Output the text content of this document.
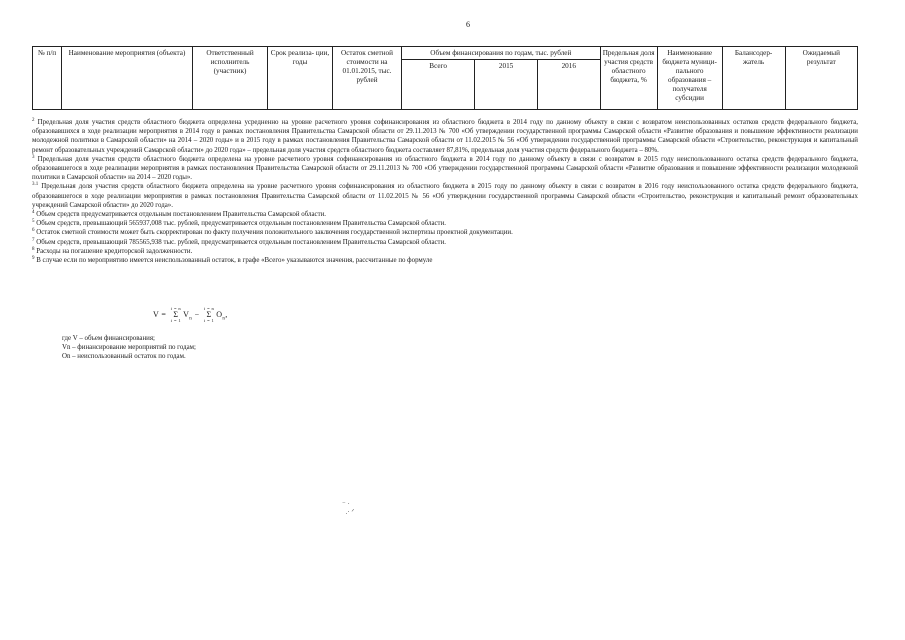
6
№ п/п	Наименование мероприятия (объекта)	Ответственный исполнитель (участник)	Срок реализа- ции, годы	Остаток сметной стоимости на 01.01.2015, тыс. рублей	Объем финансирования по годам, тыс. рублей			Предельная доля участия средств областного бюджета, %	Наименование бюджета муници- пального образования – получателя субсидии	Балансодер- жатель	Ожидаемый результат
					Всего	2015	2016				

$^2$ Предельная доля участия средств областного бюджета определена усредненно на уровне расчетного уровня софинансирования из областного бюджета в 2014 году по данному объекту в связи с возвратом неиспользованных остатков средств федерального бюджета, образовавшихся в ходе реализации мероприятия в 2014 году в рамках постановления Правительства Самарской области от 29.11.2013 № 700 «Об утверждении государственной программы Самарской области «Развитие образования и повышение эффективности реализации молодежной политики в Самарской области» на 2014 – 2020 годы» и в 2015 году в рамках постановления Правительства Самарской области от 11.02.2015 № 56 «Об утверждении государственной программы Самарской области «Строительство, реконструкция и капитальный ремонт образовательных учреждений Самарской области» до 2020 года» – предельная доля участия средств областного бюджета составляет 87,81%, предельная доля участия средств федерального бюджета – 80%.

$^3$ Предельная доля участия средств областного бюджета определена на уровне расчетного уровня софинансирования из областного бюджета в 2014 году по данному объекту в связи с возвратом в 2015 году неиспользованного остатка средств федерального бюджета, образовавшегося в ходе реализации мероприятия в рамках постановления Правительства Самарской области от 29.11.2013 № 700 «Об утверждении государственной программы Самарской области «Развитие образования и повышение эффективности реализации молодежной политики в Самарской области» на 2014 – 2020 годы».

$^{3.1}$ Предельная доля участия средств областного бюджета определена на уровне расчетного уровня софинансирования из областного бюджета в 2015 году по данному объекту в связи с возвратом в 2016 году неиспользованного остатка средств федерального бюджета, образовавшегося в ходе реализации мероприятия в рамках постановления Правительства Самарской области от 11.02.2015 № 56 «Об утверждении государственной программы Самарской области «Строительство, реконструкция и капитальный ремонт образовательных учреждений Самарской области» до 2020 года».

$^4$ Объем средств предусматривается отдельным постановлением Правительства Самарской области.

$^5$ Объем средств, превышающий 565937,008 тыс. рублей, предусматривается отдельным постановлением Правительства Самарской области.

$^6$ Остаток сметной стоимости может быть скорректирован по факту получения положительного заключения государственной экспертизы проектной документации.

$^7$ Объем средств, превышающий 785565,938 тыс. рублей, предусматривается отдельным постановлением Правительства Самарской области.

$^8$ Расходы на погашение кредиторской задолженности.

$^9$ В случае если по мероприятию имеется неиспользованный остаток, в графе «Всего» указываются значения, рассчитанные по формуле

V =
i = n
Σ
i = 1
$V_n$ −
i = n
Σ
i = 1
$O_n$,

где V – объем финансирования;

Vn – финансирование мероприятий по годам;

On – неиспользованный остаток по годам.

⁻ ·
.· ᐟ
